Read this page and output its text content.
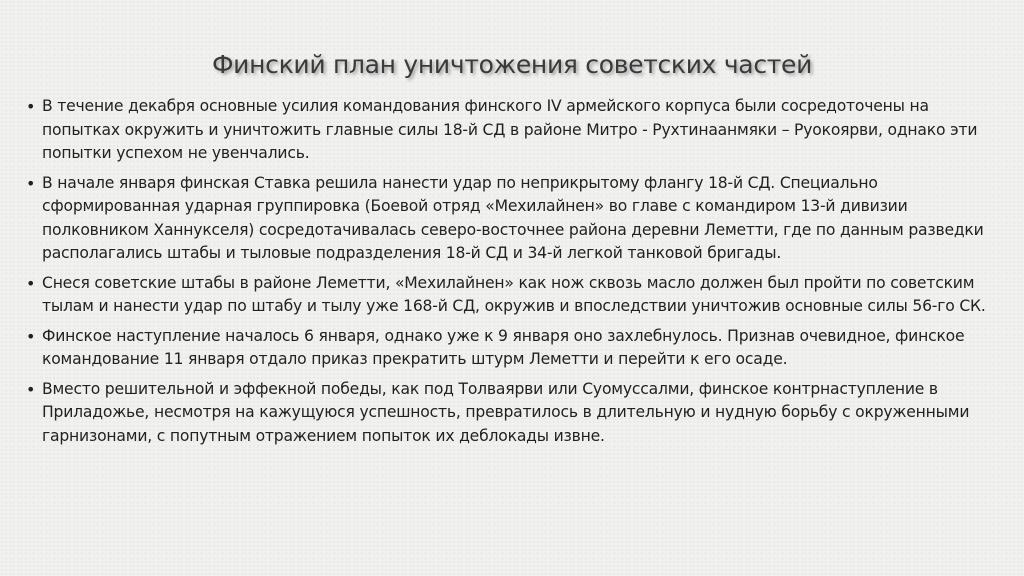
Финский план уничтожения советских частей
• В течение декабря основные усилия командования финского IV армейского корпуса были сосредоточены на попытках окружить и уничтожить главные силы 18-й СД в районе Митро - Рухтинаанмяки – Руокоярви, однако эти попытки успехом не увенчались.
• В начале января финская Ставка решила нанести удар по неприкрытому флангу 18-й СД. Специально сформированная ударная группировка (Боевой отряд «Мехилайнен» во главе с командиром 13-й дивизии полковником Ханнукселя) сосредотачивалась северо-восточнее района деревни Леметти, где по данным разведки располагались штабы и тыловые подразделения 18-й СД и 34-й легкой танковой бригады.
• Снеся советские штабы в районе Леметти, «Мехилайнен» как нож сквозь масло должен был пройти по советским тылам и нанести удар по штабу и тылу уже 168-й СД, окружив и впоследствии уничтожив основные силы 56-го СК.
• Финское наступление началось 6 января, однако уже к 9 января оно захлебнулось. Признав очевидное, финское командование 11 января отдало приказ прекратить штурм Леметти и перейти к его осаде.
• Вместо решительной и эффекной победы, как под Толваярви или Суомуссалми, финское контрнаступление в Приладожье, несмотря на кажущуюся успешность, превратилось в длительную и нудную борьбу с окруженными гарнизонами, с попутным отражением попыток их деблокады извне.
